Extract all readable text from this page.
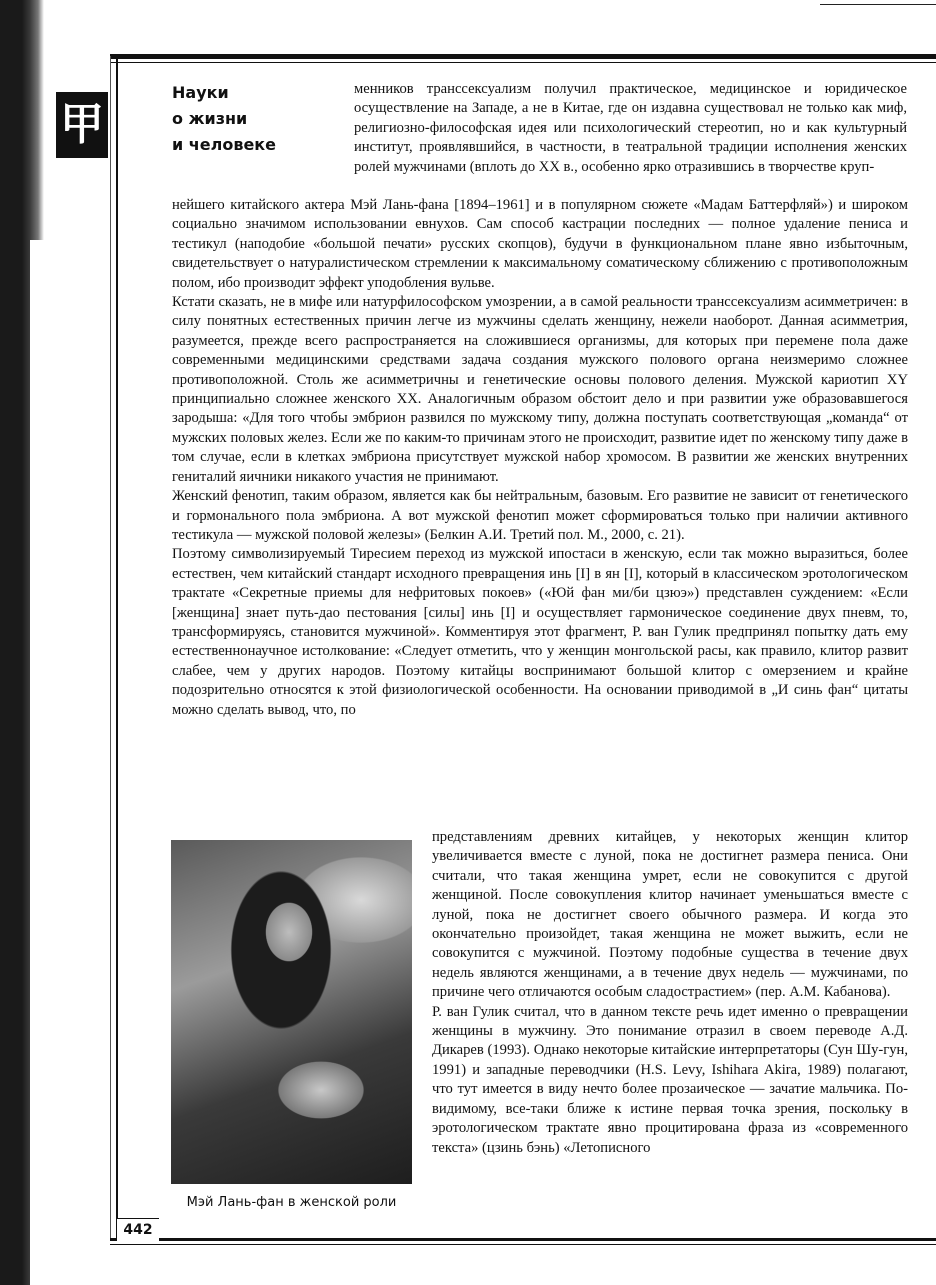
甲
Науки
о жизни
и человеке

менников транссексуализм получил практическое, медицинское и юридическое осуществление на Западе, а не в Китае, где он издавна существовал не только как миф, религиозно-философская идея или психологический стереотип, но и как культурный институт, проявлявшийся, в частности, в театральной традиции исполнения женских ролей мужчинами (вплоть до XX в., особенно ярко отразившись в творчестве круп-

нейшего китайского актера Мэй Лань-фана [1894–1961] и в популярном сюжете «Мадам Баттерфляй») и широком социально значимом использовании евнухов. Сам способ кастрации последних — полное удаление пениса и тестикул (наподобие «большой печати» русских скопцов), будучи в функциональном плане явно избыточным, свидетельствует о натуралистическом стремлении к максимальному соматическому сближению с противоположным полом, ибо производит эффект уподобления вульве.

Кстати сказать, не в мифе или натурфилософском умозрении, а в самой реальности транссексуализм асимметричен: в силу понятных естественных причин легче из мужчины сделать женщину, нежели наоборот. Данная асимметрия, разумеется, прежде всего распространяется на сложившиеся организмы, для которых при перемене пола даже современными медицинскими средствами задача создания мужского полового органа неизмеримо сложнее противоположной. Столь же асимметричны и генетические основы полового деления. Мужской кариотип XY принципиально сложнее женского XX. Аналогичным образом обстоит дело и при развитии уже образовавшегося зародыша: «Для того чтобы эмбрион развился по мужскому типу, должна поступать соответствующая „команда“ от мужских половых желез. Если же по каким-то причинам этого не происходит, развитие идет по женскому типу даже в том случае, если в клетках эмбриона присутствует мужской набор хромосом. В развитии же женских внутренних гениталий яичники никакого участия не принимают.

Женский фенотип, таким образом, является как бы нейтральным, базовым. Его развитие не зависит от генетического и гормонального пола эмбриона. А вот мужской фенотип может сформироваться только при наличии активного тестикула — мужской половой железы» (Белкин А.И. Третий пол. М., 2000, с. 21).

Поэтому символизируемый Тиресием переход из мужской ипостаси в женскую, если так можно выразиться, более естествен, чем китайский стандарт исходного превращения инь [I] в ян [I], который в классическом эротологическом трактате «Секретные приемы для нефритовых покоев» («Юй фан ми/би цзюэ») представлен суждением: «Если [женщина] знает путь-дао пестования [силы] инь [I] и осуществляет гармоническое соединение двух пневм, то, трансформируясь, становится мужчиной». Комментируя этот фрагмент, Р. ван Гулик предпринял попытку дать ему естественнонаучное истолкование: «Следует отметить, что у женщин монгольской расы, как правило, клитор развит слабее, чем у других народов. Поэтому китайцы воспринимают большой клитор с омерзением и крайне подозрительно относятся к этой физиологической особенности. На основании приводимой в „И синь фан“ цитаты можно сделать вывод, что, по

Мэй Лань-фан в женской роли

представлениям древних китайцев, у некоторых женщин клитор увеличивается вместе с луной, пока не достигнет размера пениса. Они считали, что такая женщина умрет, если не совокупится с другой женщиной. После совокупления клитор начинает уменьшаться вместе с луной, пока не достигнет своего обычного размера. И когда это окончательно произойдет, такая женщина не может выжить, если не совокупится с мужчиной. Поэтому подобные существа в течение двух недель являются женщинами, а в течение двух недель — мужчинами, по причине чего отличаются особым сладострастием» (пер. А.М. Кабанова).

Р. ван Гулик считал, что в данном тексте речь идет именно о превращении женщины в мужчину. Это понимание отразил в своем переводе А.Д. Дикарев (1993). Однако некоторые китайские интерпретаторы (Сун Шу-гун, 1991) и западные переводчики (H.S. Levy, Ishihara Akira, 1989) полагают, что тут имеется в виду нечто более прозаическое — зачатие мальчика. По-видимому, все-таки ближе к истине первая точка зрения, поскольку в эротологическом трактате явно процитирована фраза из «современного текста» (цзинь бэнь) «Летописного

442
